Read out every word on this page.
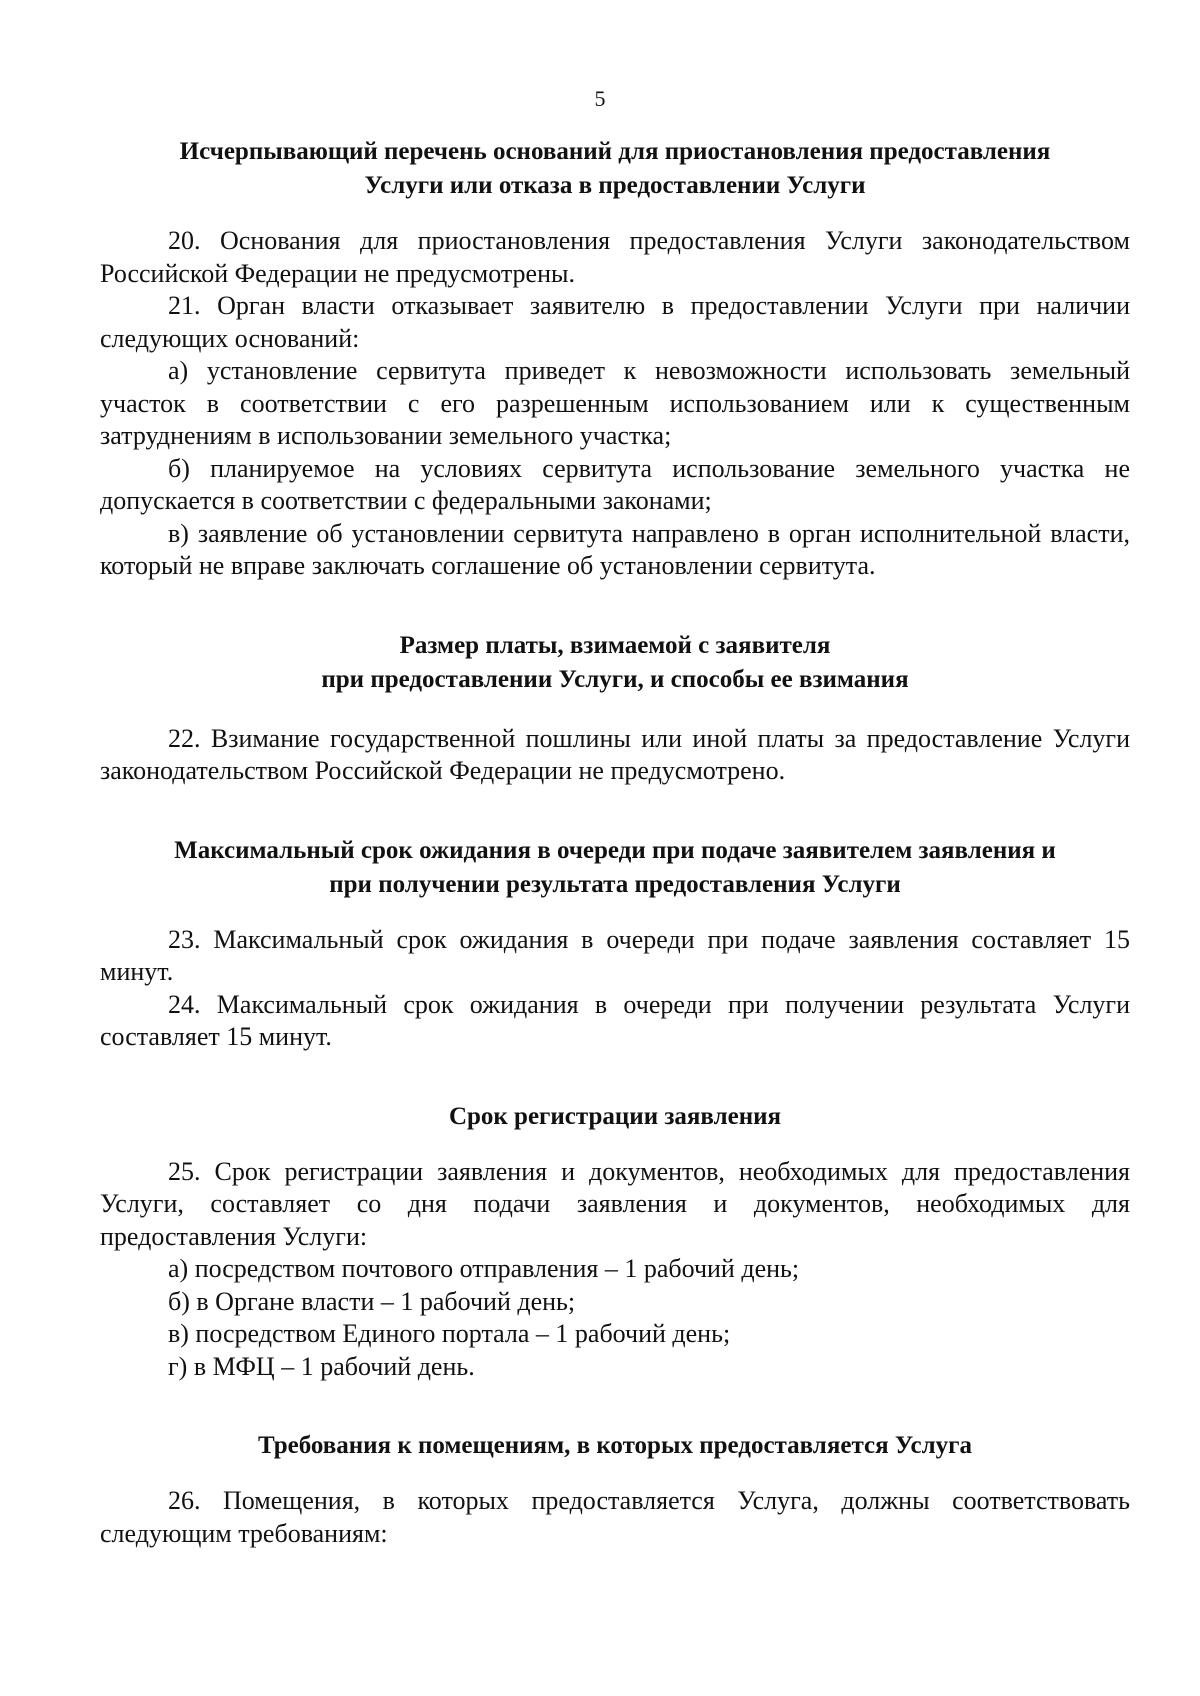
5
Исчерпывающий перечень оснований для приостановления предоставления
Услуги или отказа в предоставлении Услуги

20. Основания для приостановления предоставления Услуги законодательством Российской Федерации не предусмотрены.

21. Орган власти отказывает заявителю в предоставлении Услуги при наличии следующих оснований:

а) установление сервитута приведет к невозможности использовать земельный участок в соответствии с его разрешенным использованием или к существенным затруднениям в использовании земельного участка;

б) планируемое на условиях сервитута использование земельного участка не допускается в соответствии с федеральными законами;

в) заявление об установлении сервитута направлено в орган исполнительной власти, который не вправе заключать соглашение об установлении сервитута.

Размер платы, взимаемой с заявителя
при предоставлении Услуги, и способы ее взимания

22. Взимание государственной пошлины или иной платы за предоставление Услуги законодательством Российской Федерации не предусмотрено.

Максимальный срок ожидания в очереди при подаче заявителем заявления и
при получении результата предоставления Услуги

23. Максимальный срок ожидания в очереди при подаче заявления составляет 15 минут.

24. Максимальный срок ожидания в очереди при получении результата Услуги составляет 15 минут.

Срок регистрации заявления

25. Срок регистрации заявления и документов, необходимых для предоставления Услуги, составляет со дня подачи заявления и документов, необходимых для предоставления Услуги:

а) посредством почтового отправления – 1 рабочий день;

б) в Органе власти – 1 рабочий день;

в) посредством Единого портала – 1 рабочий день;

г) в МФЦ – 1 рабочий день.

Требования к помещениям, в которых предоставляется Услуга

26. Помещения, в которых предоставляется Услуга, должны соответствовать следующим требованиям:
